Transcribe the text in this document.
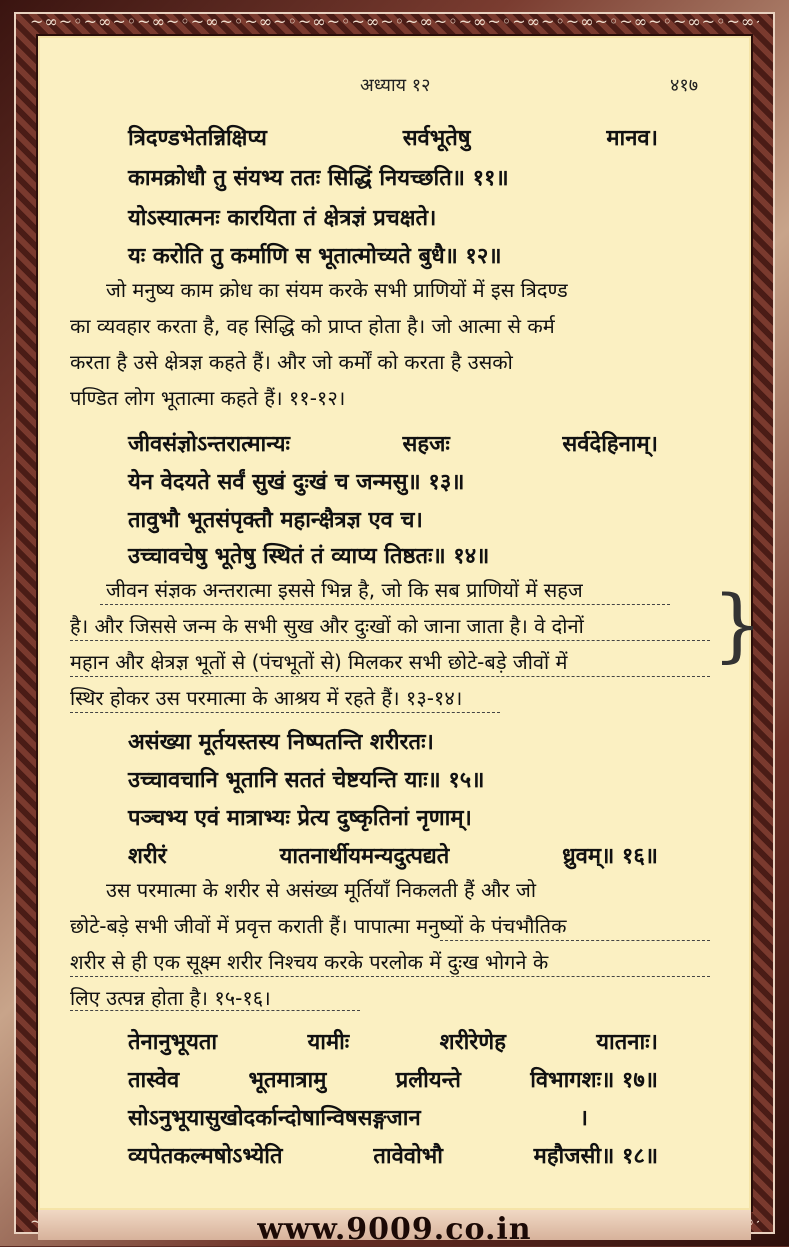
~∞~◦~∞~◦~∞~◦~∞~◦~∞~◦~∞~◦~∞~◦~∞~◦~∞~◦~∞~◦~∞~◦~∞~◦~∞~◦~∞
अध्याय १२	४१७
त्रिदण्डभेतन्निक्षिप्य	सर्वभूतेषु	मानव।
कामक्रोधौ तु संयभ्य ततः सिद्धिं नियच्छति॥ ११॥
योऽस्यात्मनः कारयिता तं क्षेत्रज्ञं प्रचक्षते।
यः करोति तु कर्माणि स भूतात्मोच्यते बुधै॥ १२॥

जो मनुष्य काम क्रोध का संयम करके सभी प्राणियों में इस त्रिदण्ड

का व्यवहार करता है, वह सिद्धि को प्राप्त होता है। जो आत्मा से कर्म

करता है उसे क्षेत्रज्ञ कहते हैं। और जो कर्मों को करता है उसको

पण्डित लोग भूतात्मा कहते हैं। ११-१२।

जीवसंज्ञोऽन्तरात्मान्यः	सहजः	सर्वदेहिनाम्।
येन वेदयते सर्वं सुखं दुःखं च जन्मसु॥ १३॥
तावुभौ भूतसंपृक्तौ महान्क्षैत्रज्ञ एव च।
उच्चावचेषु भूतेषु स्थितं तं व्याप्य तिष्ठतः॥ १४॥

जीवन संज्ञक अन्तरात्मा इससे भिन्न है, जो कि सब प्राणियों में सहज

है। और जिससे जन्म के सभी सुख और दुःखों को जाना जाता है। वे दोनों

महान और क्षेत्रज्ञ भूतों से (पंचभूतों से) मिलकर सभी छोटे-बड़े जीवों में

स्थिर होकर उस परमात्मा के आश्रय में रहते हैं। १३-१४।

}
असंख्या मूर्तयस्तस्य निष्पतन्ति शरीरतः।
उच्चावचानि भूतानि सततं चेष्टयन्ति याः॥ १५॥
पञ्चभ्य एवं मात्राभ्यः प्रेत्य दुष्कृतिनां नृणाम्।
शरीरं	यातनार्थीयमन्यदुत्पद्यते	ध्रुवम्॥ १६॥

उस परमात्मा के शरीर से असंख्य मूर्तियाँ निकलती हैं और जो

छोटे-बड़े सभी जीवों में प्रवृत्त कराती हैं। पापात्मा मनुष्यों के पंचभौतिक

शरीर से ही एक सूक्ष्म शरीर निश्चय करके परलोक में दुःख भोगने के

लिए उत्पन्न होता है। १५-१६।

तेनानुभूयता	यामीः	शरीरेणेह	यातनाः।
तास्वेव	भूतमात्रामु	प्रलीयन्ते	विभागशः॥ १७॥
सोऽनुभूयासुखोदर्कान्दोषान्विषसङ्गजान	।
व्यपेतकल्मषोऽभ्येति	तावेवोभौ	महौजसी॥ १८॥
www.9009.co.in
